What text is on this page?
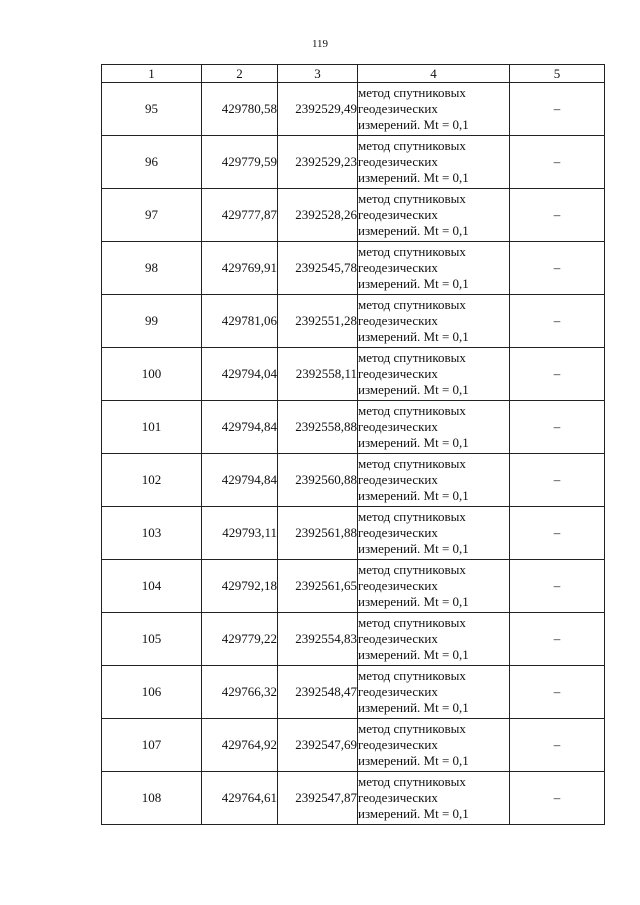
119
1	2	3	4	5
95	429780,58	2392529,49	метод спутниковых
геодезических
измерений. Mt = 0,1	–
96	429779,59	2392529,23	метод спутниковых
геодезических
измерений. Mt = 0,1	–
97	429777,87	2392528,26	метод спутниковых
геодезических
измерений. Mt = 0,1	–
98	429769,91	2392545,78	метод спутниковых
геодезических
измерений. Mt = 0,1	–
99	429781,06	2392551,28	метод спутниковых
геодезических
измерений. Mt = 0,1	–
100	429794,04	2392558,11	метод спутниковых
геодезических
измерений. Mt = 0,1	–
101	429794,84	2392558,88	метод спутниковых
геодезических
измерений. Mt = 0,1	–
102	429794,84	2392560,88	метод спутниковых
геодезических
измерений. Mt = 0,1	–
103	429793,11	2392561,88	метод спутниковых
геодезических
измерений. Mt = 0,1	–
104	429792,18	2392561,65	метод спутниковых
геодезических
измерений. Mt = 0,1	–
105	429779,22	2392554,83	метод спутниковых
геодезических
измерений. Mt = 0,1	–
106	429766,32	2392548,47	метод спутниковых
геодезических
измерений. Mt = 0,1	–
107	429764,92	2392547,69	метод спутниковых
геодезических
измерений. Mt = 0,1	–
108	429764,61	2392547,87	метод спутниковых
геодезических
измерений. Mt = 0,1	–
